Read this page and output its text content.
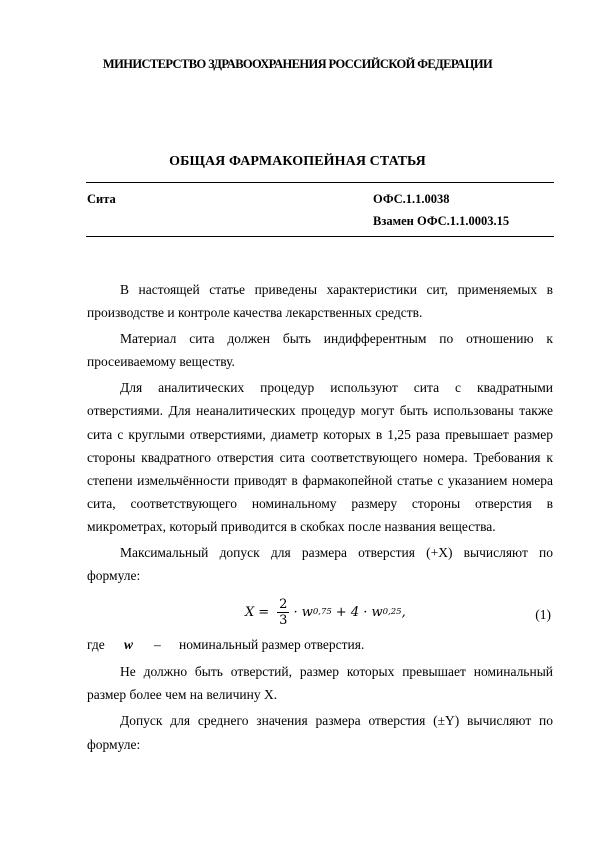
МИНИСТЕРСТВО ЗДРАВООХРАНЕНИЯ РОССИЙСКОЙ ФЕДЕРАЦИИ
ОБЩАЯ ФАРМАКОПЕЙНАЯ СТАТЬЯ
Сита	ОФС.1.1.0038
Взамен ОФС.1.1.0003.15

В настоящей статье приведены характеристики сит, применяемых в производстве и контроле качества лекарственных средств.

Материал сита должен быть индифферентным по отношению к просеиваемому веществу.

Для аналитических процедур используют сита с квадратными отверстиями. Для неаналитических процедур могут быть использованы также сита с круглыми отверстиями, диаметр которых в 1,25 раза превышает размер стороны квадратного отверстия сита соответствующего номера. Требования к степени измельчённости приводят в фармакопейной статье с указанием номера сита, соответствующего номинальному размеру стороны отверстия в микрометрах, который приводится в скобках после названия вещества.

Максимальный допуск для размера отверстия (+X) вычисляют по формуле:

$X = \frac{2}{3} \cdot w$ 0,75 + 4 · w 0,25 ,	(1)
где w – номинальный размер отверстия.

Не должно быть отверстий, размер которых превышает номинальный размер более чем на величину X.

Допуск для среднего значения размера отверстия (±Y) вычисляют по формуле:
